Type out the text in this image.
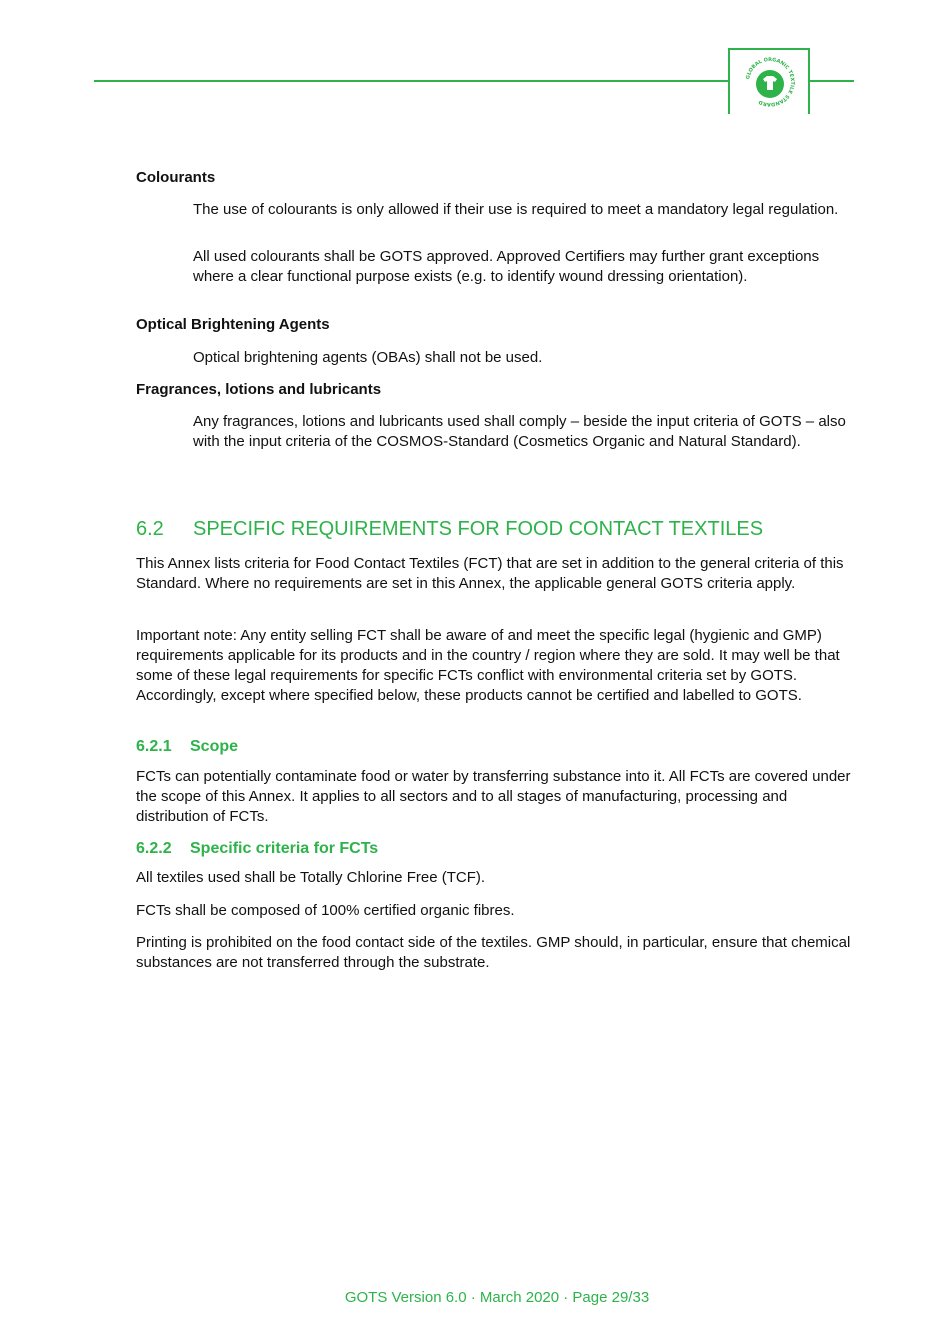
GLOBAL ORGANIC TEXTILE STANDARD
Colourants

The use of colourants is only allowed if their use is required to meet a mandatory legal regulation.

All used colourants shall be GOTS approved. Approved Certifiers may further grant exceptions where a clear functional purpose exists (e.g. to identify wound dressing orientation).

Optical Brightening Agents

Optical brightening agents (OBAs) shall not be used.

Fragrances, lotions and lubricants

Any fragrances, lotions and lubricants used shall comply – beside the input criteria of GOTS – also with the input criteria of the COSMOS-Standard (Cosmetics Organic and Natural Standard).

6.2 SPECIFIC REQUIREMENTS FOR FOOD CONTACT TEXTILES

This Annex lists criteria for Food Contact Textiles (FCT) that are set in addition to the general criteria of this Standard. Where no requirements are set in this Annex, the applicable general GOTS criteria apply.

Important note: Any entity selling FCT shall be aware of and meet the specific legal (hygienic and GMP) requirements applicable for its products and in the country / region where they are sold. It may well be that some of these legal requirements for specific FCTs conflict with environmental criteria set by GOTS. Accordingly, except where specified below, these products cannot be certified and labelled to GOTS.

6.2.1 Scope

FCTs can potentially contaminate food or water by transferring substance into it. All FCTs are covered under the scope of this Annex. It applies to all sectors and to all stages of manufacturing, processing and distribution of FCTs.

6.2.2 Specific criteria for FCTs

All textiles used shall be Totally Chlorine Free (TCF).

FCTs shall be composed of 100% certified organic fibres.

Printing is prohibited on the food contact side of the textiles. GMP should, in particular, ensure that chemical substances are not transferred through the substrate.

GOTS Version 6.0 · March 2020 · Page 29/33
